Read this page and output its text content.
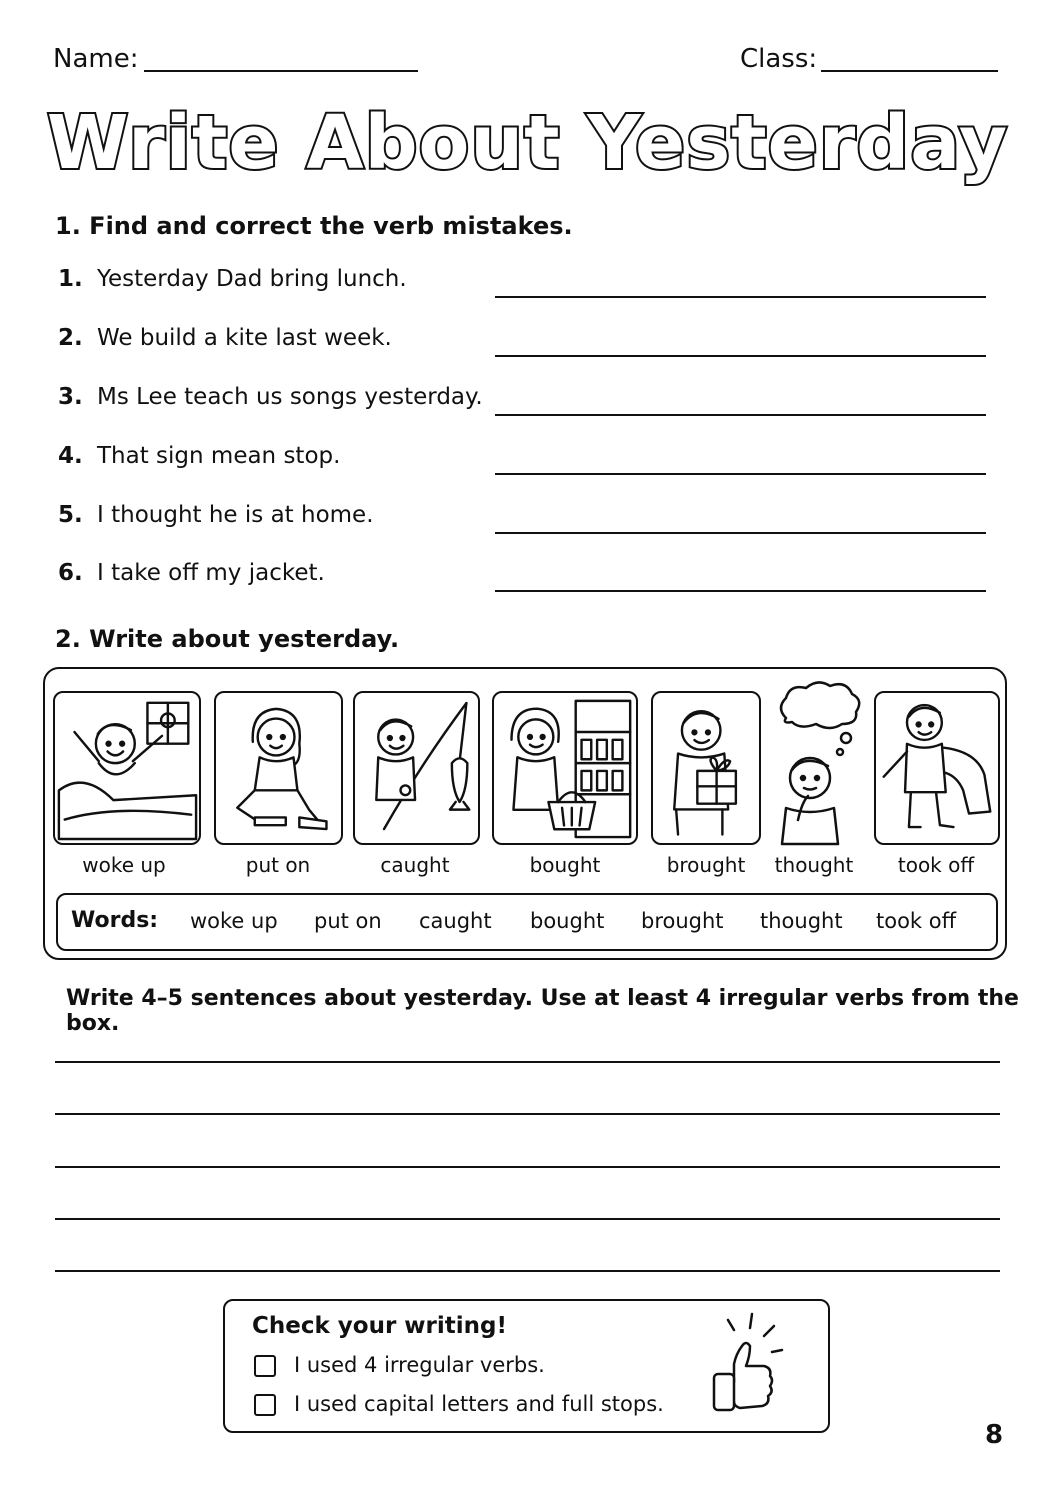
Name:	Class:
Write About Yesterday
1. Find and correct the verb mistakes.
1. Yesterday Dad bring lunch.
2. We build a kite last week.
3. Ms Lee teach us songs yesterday.
4. That sign mean stop.
5. I thought he is at home.
6. I take off my jacket.
2. Write about yesterday.
woke up	put on	caught	bought	brought	thought	took off
Words: woke up put on caught bought brought thought took off
Write 4–5 sentences about yesterday. Use at least 4 irregular verbs from the box.
Check your writing!
I used 4 irregular verbs.
I used capital letters and full stops.
8
